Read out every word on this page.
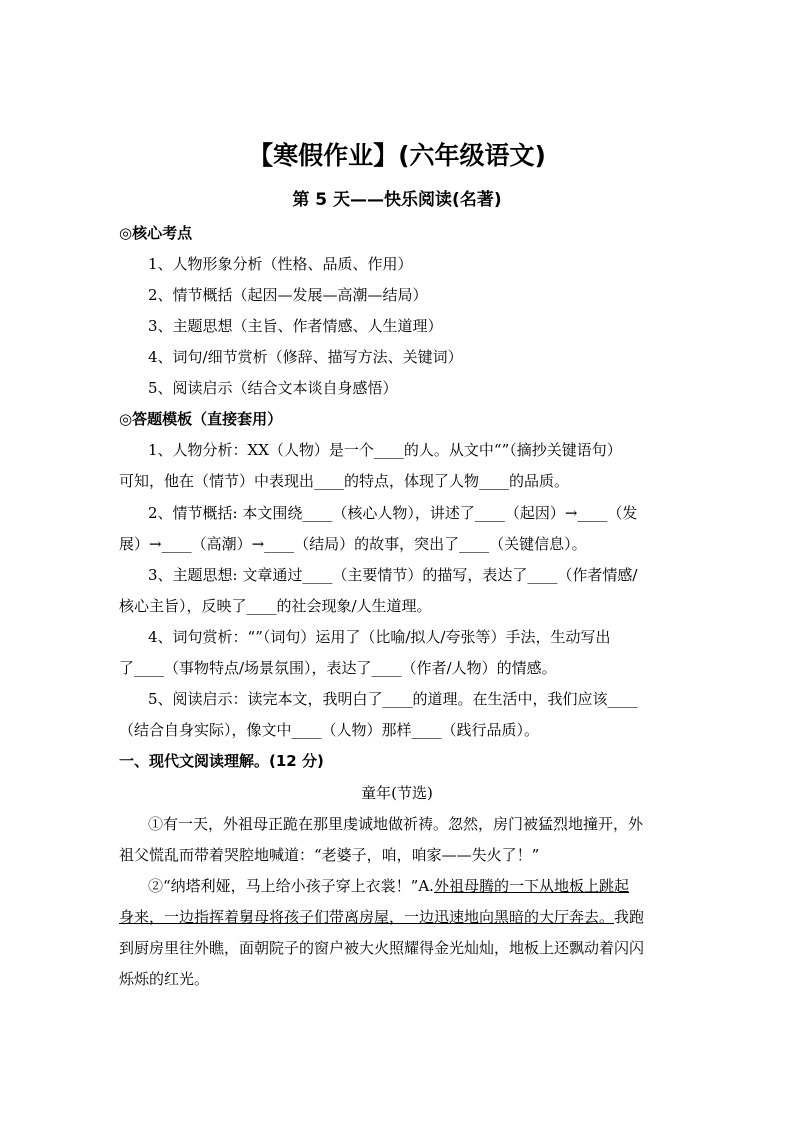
【寒假作业】(六年级语文)
第 5 天——快乐阅读(名著)
◎核心考点
1、人物形象分析（性格、品质、作用）
2、情节概括（起因—发展—高潮—结局）
3、主题思想（主旨、作者情感、人生道理）
4、词句/细节赏析（修辞、描写方法、关键词）
5、阅读启示（结合文本谈自身感悟）
◎答题模板（直接套用）
1、人物分析：XX（人物）是一个____的人。从文中“”（摘抄关键语句）
可知，他在（情节）中表现出____的特点，体现了人物____的品质。
2、情节概括: 本文围绕____（核心人物），讲述了____（起因）→____（发
展）→____（高潮）→____（结局）的故事，突出了____（关键信息）。
3、主题思想: 文章通过____（主要情节）的描写，表达了____（作者情感/
核心主旨），反映了____的社会现象/人生道理。
4、词句赏析：“”（词句）运用了（比喻/拟人/夸张等）手法，生动写出
了____（事物特点/场景氛围），表达了____（作者/人物）的情感。
5、阅读启示：读完本文，我明白了____的道理。在生活中，我们应该____
（结合自身实际），像文中____（人物）那样____（践行品质）。
一、现代文阅读理解。(12 分)
童年(节选)
①有一天，外祖母正跪在那里虔诚地做祈祷。忽然，房门被猛烈地撞开，外
祖父慌乱而带着哭腔地喊道：“老婆子，咱，咱家——失火了！”
②“纳塔利娅，马上给小孩子穿上衣裳！”A.外祖母腾的一下从地板上跳起
身来，一边指挥着舅母将孩子们带离房屋，一边迅速地向黑暗的大厅奔去。我跑
到厨房里往外瞧，面朝院子的窗户被大火照耀得金光灿灿，地板上还飘动着闪闪
烁烁的红光。
